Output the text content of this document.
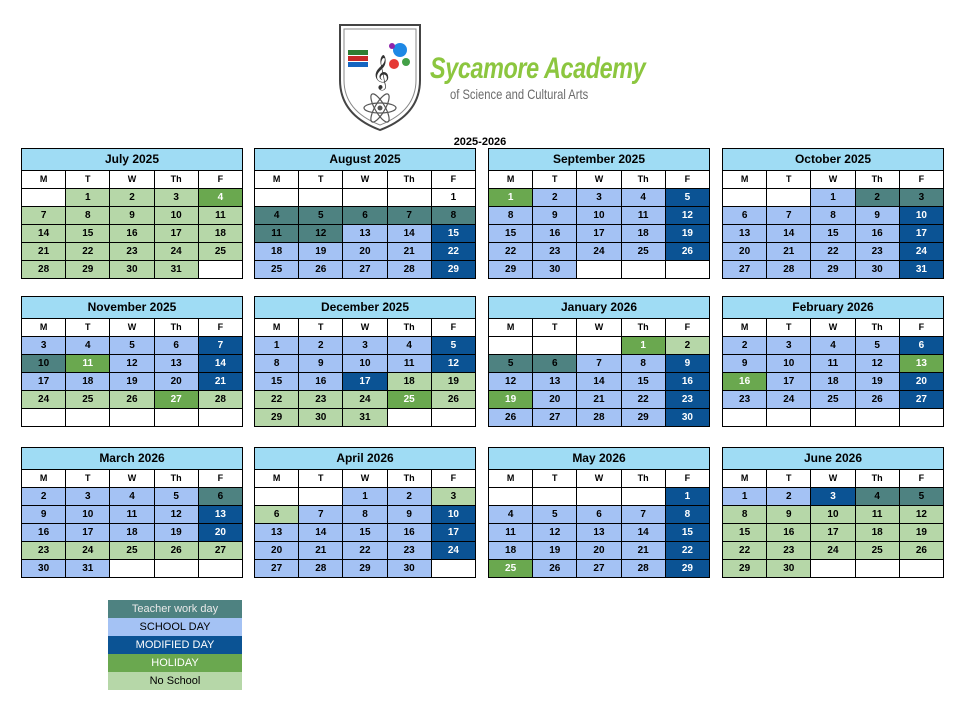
𝄞 Sycamore Academy
of Science and Cultural Arts
2025-2026
July 2025				
M	T	W	Th	F
	1	2	3	4
7	8	9	10	11
14	15	16	17	18
21	22	23	24	25
28	29	30	31	
August 2025				
M	T	W	Th	F
				1
4	5	6	7	8
11	12	13	14	15
18	19	20	21	22
25	26	27	28	29
September 2025				
M	T	W	Th	F
1	2	3	4	5
8	9	10	11	12
15	16	17	18	19
22	23	24	25	26
29	30			
October 2025				
M	T	W	Th	F
		1	2	3
6	7	8	9	10
13	14	15	16	17
20	21	22	23	24
27	28	29	30	31
November 2025				
M	T	W	Th	F
3	4	5	6	7
10	11	12	13	14
17	18	19	20	21
24	25	26	27	28

December 2025				
M	T	W	Th	F
1	2	3	4	5
8	9	10	11	12
15	16	17	18	19
22	23	24	25	26
29	30	31		
January 2026				
M	T	W	Th	F
			1	2
5	6	7	8	9
12	13	14	15	16
19	20	21	22	23
26	27	28	29	30
February 2026				
M	T	W	Th	F
2	3	4	5	6
9	10	11	12	13
16	17	18	19	20
23	24	25	26	27

March 2026				
M	T	W	Th	F
2	3	4	5	6
9	10	11	12	13
16	17	18	19	20
23	24	25	26	27
30	31			
April 2026				
M	T	W	Th	F
		1	2	3
6	7	8	9	10
13	14	15	16	17
20	21	22	23	24
27	28	29	30	
May 2026				
M	T	W	Th	F
				1
4	5	6	7	8
11	12	13	14	15
18	19	20	21	22
25	26	27	28	29
June 2026				
M	T	W	Th	F
1	2	3	4	5
8	9	10	11	12
15	16	17	18	19
22	23	24	25	26
29	30			
Teacher work day
SCHOOL DAY
MODIFIED DAY
HOLIDAY
No School
